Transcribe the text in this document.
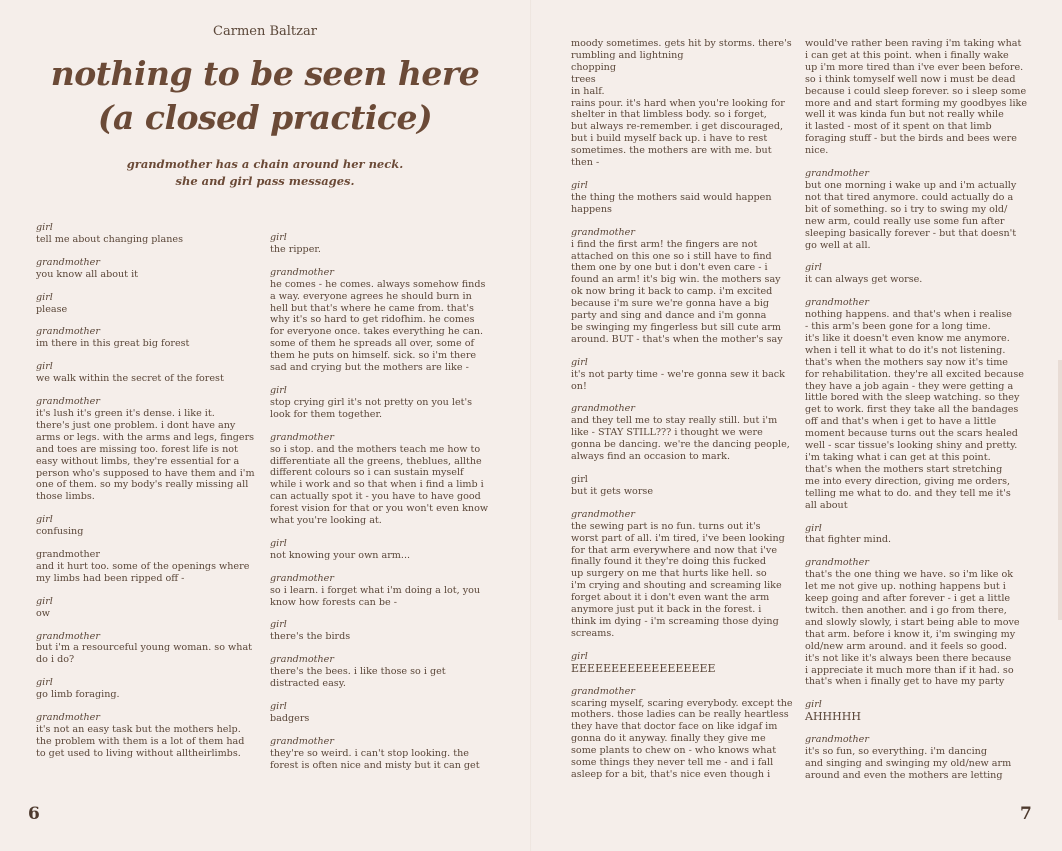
Carmen Baltzar
nothing to be seen here
(a closed practice)
grandmother has a chain around her neck.
she and girl pass messages.
girl
tell me about changing planes
grandmother
you know all about it
girl
please
grandmother
im there in this great big forest
girl
we walk within the secret of the forest
grandmother
it's lush it's green it's dense. i like it.
there's just one problem. i dont have any
arms or legs. with the arms and legs, fingers
and toes are missing too. forest life is not
easy without limbs, they're essential for a
person who's supposed to have them and i'm
one of them. so my body's really missing all
those limbs.
girl
confusing
grandmother
and it hurt too. some of the openings where
my limbs had been ripped off -
girl
ow
grandmother
but i'm a resourceful young woman. so what
do i do?
girl
go limb foraging.
grandmother
it's not an easy task but the mothers help.
the problem with them is a lot of them had
to get used to living without alltheirlimbs.
girl
the ripper.
grandmother
he comes - he comes. always somehow finds
a way. everyone agrees he should burn in
hell but that's where he came from. that's
why it's so hard to get ridofhim. he comes
for everyone once. takes everything he can.
some of them he spreads all over, some of
them he puts on himself. sick. so i'm there
sad and crying but the mothers are like -
girl
stop crying girl it's not pretty on you let's
look for them together.
grandmother
so i stop. and the mothers teach me how to
differentiate all the greens, theblues, allthe
different colours so i can sustain myself
while i work and so that when i find a limb i
can actually spot it - you have to have good
forest vision for that or you won't even know
what you're looking at.
girl
not knowing your own arm...
grandmother
so i learn. i forget what i'm doing a lot, you
know how forests can be -
girl
there's the birds
grandmother
there's the bees. i like those so i get
distracted easy.
girl
badgers
grandmother
they're so weird. i can't stop looking. the
forest is often nice and misty but it can get
moody sometimes. gets hit by storms. there's
rumbling and lightning
chopping
trees
in half.
rains pour. it's hard when you're looking for
shelter in that limbless body. so i forget,
but always re-remember. i get discouraged,
but i build myself back up. i have to rest
sometimes. the mothers are with me. but
then -
girl
the thing the mothers said would happen
happens
grandmother
i find the first arm! the fingers are not
attached on this one so i still have to find
them one by one but i don't even care - i
found an arm! it's big win. the mothers say
ok now bring it back to camp. i'm excited
because i'm sure we're gonna have a big
party and sing and dance and i'm gonna
be swinging my fingerless but sill cute arm
around. BUT - that's when the mother's say
girl
it's not party time - we're gonna sew it back
on!
grandmother
and they tell me to stay really still. but i'm
like - STAY STILL??? i thought we were
gonna be dancing. we're the dancing people,
always find an occasion to mark.
girl
but it gets worse
grandmother
the sewing part is no fun. turns out it's
worst part of all. i'm tired, i've been looking
for that arm everywhere and now that i've
finally found it they're doing this fucked
up surgery on me that hurts like hell. so
i'm crying and shouting and screaming like
forget about it i don't even want the arm
anymore just put it back in the forest. i
think im dying - i'm screaming those dying
screams.
girl
EEEEEEEEEEEEEEEEEE
grandmother
scaring myself, scaring everybody. except the
mothers. those ladies can be really heartless
they have that doctor face on like idgaf im
gonna do it anyway. finally they give me
some plants to chew on - who knows what
some things they never tell me - and i fall
asleep for a bit, that's nice even though i
would've rather been raving i'm taking what
i can get at this point. when i finally wake
up i'm more tired than i've ever been before.
so i think tomyself well now i must be dead
because i could sleep forever. so i sleep some
more and and start forming my goodbyes like
well it was kinda fun but not really while
it lasted - most of it spent on that limb
foraging stuff - but the birds and bees were
nice.
grandmother
but one morning i wake up and i'm actually
not that tired anymore. could actually do a
bit of something. so i try to swing my old/
new arm, could really use some fun after
sleeping basically forever - but that doesn't
go well at all.
girl
it can always get worse.
grandmother
nothing happens. and that's when i realise
- this arm's been gone for a long time.
it's like it doesn't even know me anymore.
when i tell it what to do it's not listening.
that's when the mothers say now it's time
for rehabilitation. they're all excited because
they have a job again - they were getting a
little bored with the sleep watching. so they
get to work. first they take all the bandages
off and that's when i get to have a little
moment because turns out the scars healed
well - scar tissue's looking shiny and pretty.
i'm taking what i can get at this point.
that's when the mothers start stretching
me into every direction, giving me orders,
telling me what to do. and they tell me it's
all about
girl
that fighter mind.
grandmother
that's the one thing we have. so i'm like ok
let me not give up. nothing happens but i
keep going and after forever - i get a little
twitch. then another. and i go from there,
and slowly slowly, i start being able to move
that arm. before i know it, i'm swinging my
old/new arm around. and it feels so good.
it's not like it's always been there because
i appreciate it much more than if it had. so
that's when i finally get to have my party
girl
AHHHHH
grandmother
it's so fun, so everything. i'm dancing
and singing and swinging my old/new arm
around and even the mothers are letting
6	7
